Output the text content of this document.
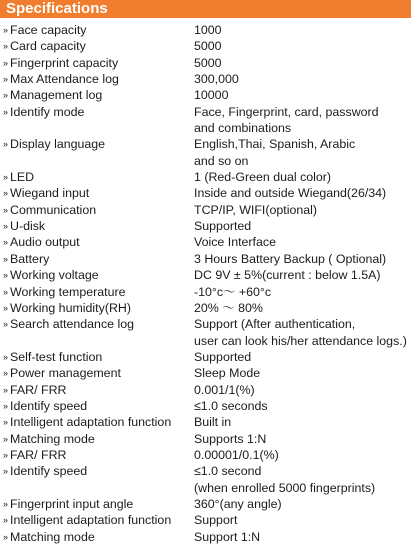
Specifications
» Face capacity	1000
» Card capacity	5000
» Fingerprint capacity	5000
» Max Attendance log	300,000
» Management log	10000
» Identify mode	Face, Fingerprint, card, password
and combinations
» Display language	English,Thai, Spanish, Arabic
and so on
» LED	1 (Red-Green dual color)
» Wiegand input	Inside and outside Wiegand(26/34)
» Communication	TCP/IP, WIFI(optional)
» U-disk	Supported
» Audio output	Voice Interface
» Battery	3 Hours Battery Backup ( Optional)
» Working voltage	DC 9V ± 5%(current : below 1.5A)
» Working temperature	-10°c～ +60°c
» Working humidity(RH)	20% ～ 80%
» Search attendance log	Support (After authentication,
user can look his/her attendance logs.)
» Self-test function	Supported
» Power management	Sleep Mode
» FAR/ FRR	0.001/1(%)
» Identify speed	≤1.0 seconds
» Intelligent adaptation function Built in
» Matching mode	Supports 1:N
» FAR/ FRR	0.00001/0.1(%)
» Identify speed	≤1.0 second
(when enrolled 5000 fingerprints)
» Fingerprint input angle	360°(any angle)
» Intelligent adaptation function Support
» Matching mode	Support 1:N
